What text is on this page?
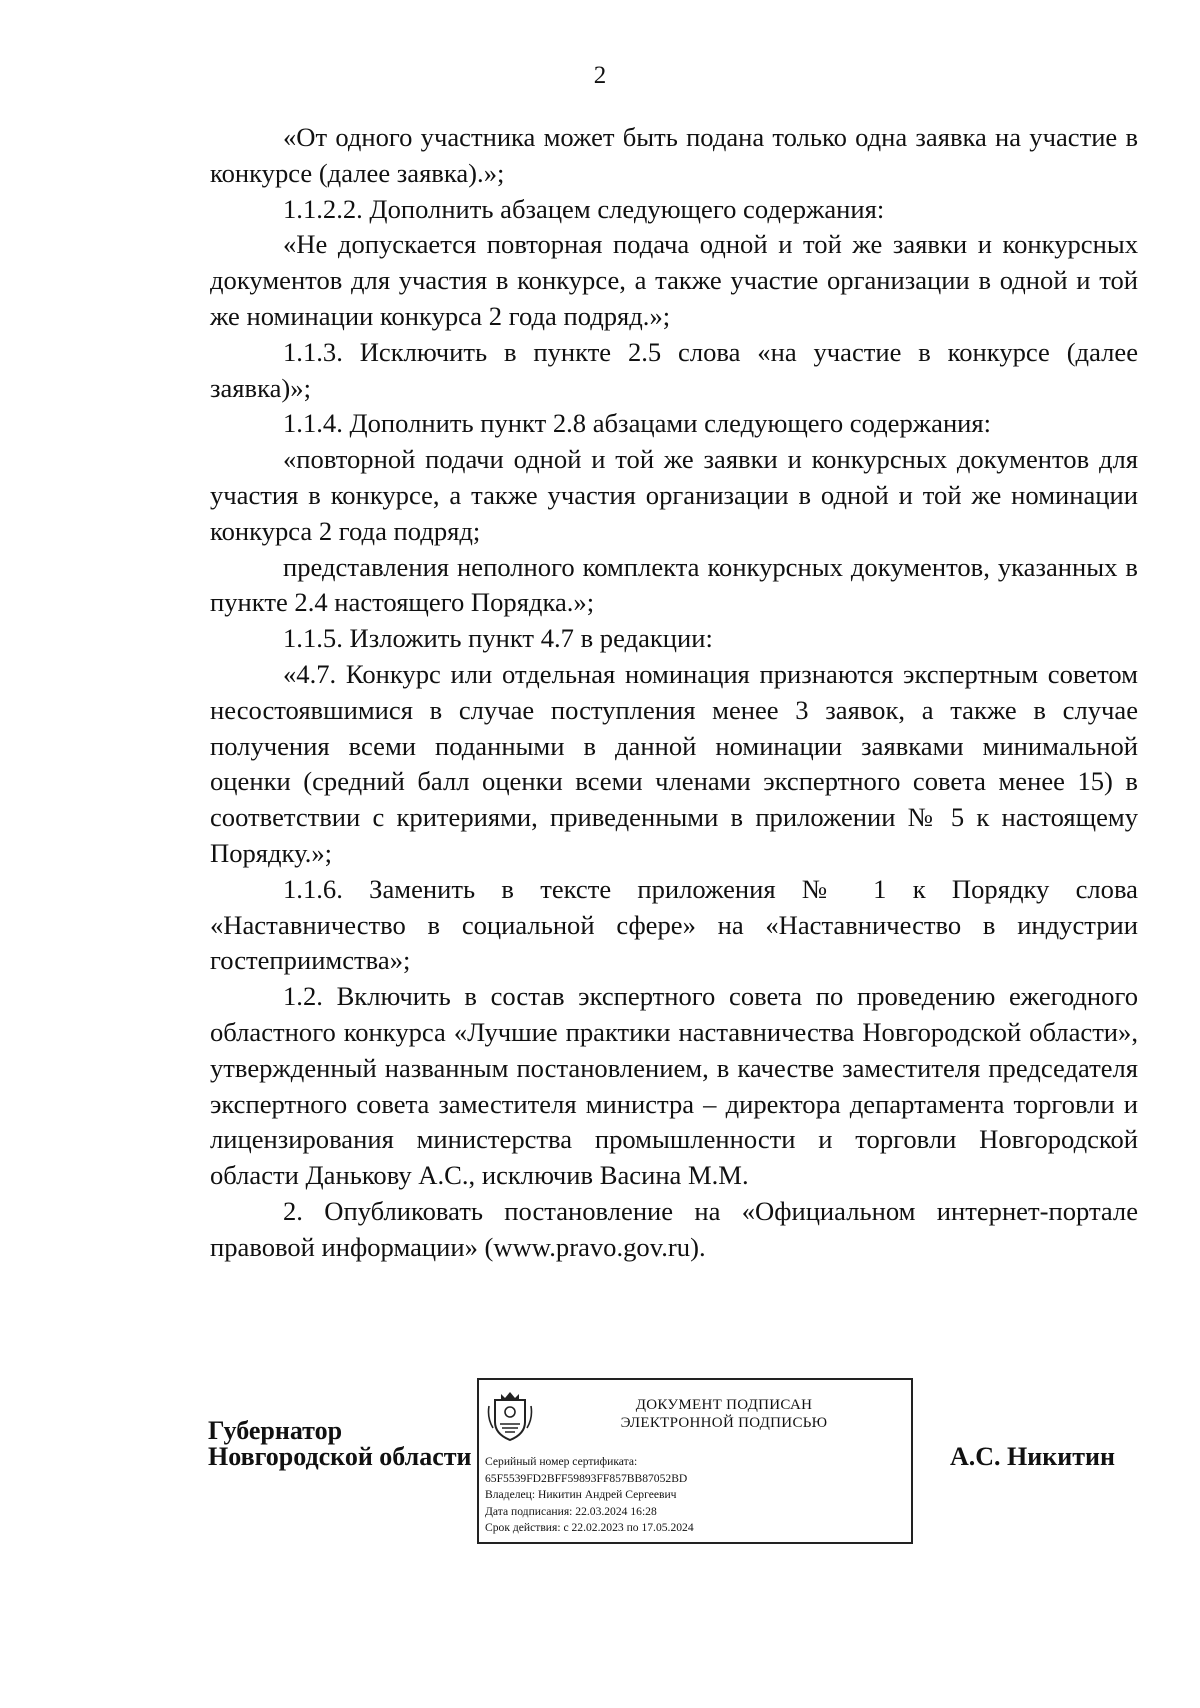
2

«От одного участника может быть подана только одна заявка на участие в конкурсе (далее заявка).»;

1.1.2.2. Дополнить абзацем следующего содержания:

«Не допускается повторная подача одной и той же заявки и конкурсных документов для участия в конкурсе, а также участие организации в одной и той же номинации конкурса 2 года подряд.»;

1.1.3. Исключить в пункте 2.5 слова «на участие в конкурсе (далее заявка)»;

1.1.4. Дополнить пункт 2.8 абзацами следующего содержания:

«повторной подачи одной и той же заявки и конкурсных документов для участия в конкурсе, а также участия организации в одной и той же номинации конкурса 2 года подряд;

представления неполного комплекта конкурсных документов, указанных в пункте 2.4 настоящего Порядка.»;

1.1.5. Изложить пункт 4.7 в редакции:

«4.7. Конкурс или отдельная номинация признаются экспертным советом несостоявшимися в случае поступления менее 3 заявок, а также в случае получения всеми поданными в данной номинации заявками минимальной оценки (средний балл оценки всеми членами экспертного совета менее 15) в соответствии с критериями, приведенными в приложении № 5 к настоящему Порядку.»;

1.1.6. Заменить в тексте приложения № 1 к Порядку слова «Наставничество в социальной сфере» на «Наставничество в индустрии гостеприимства»;

1.2. Включить в состав экспертного совета по проведению ежегодного областного конкурса «Лучшие практики наставничества Новгородской области», утвержденный названным постановлением, в качестве заместителя председателя экспертного совета заместителя министра – директора департамента торговли и лицензирования министерства промышленности и торговли Новгородской области Данькову А.С., исключив Васина М.М.

2. Опубликовать постановление на «Официальном интернет-портале правовой информации» (www.pravo.gov.ru).

Губернатор
Новгородской области
ДОКУМЕНТ ПОДПИСАН
ЭЛЕКТРОННОЙ ПОДПИСЬЮ
Серийный номер сертификата:
65F5539FD2BFF59893FF857BB87052BD
Владелец: Никитин Андрей Сергеевич
Дата подписания: 22.03.2024 16:28
Срок действия: с 22.02.2023 по 17.05.2024
А.С. Никитин
